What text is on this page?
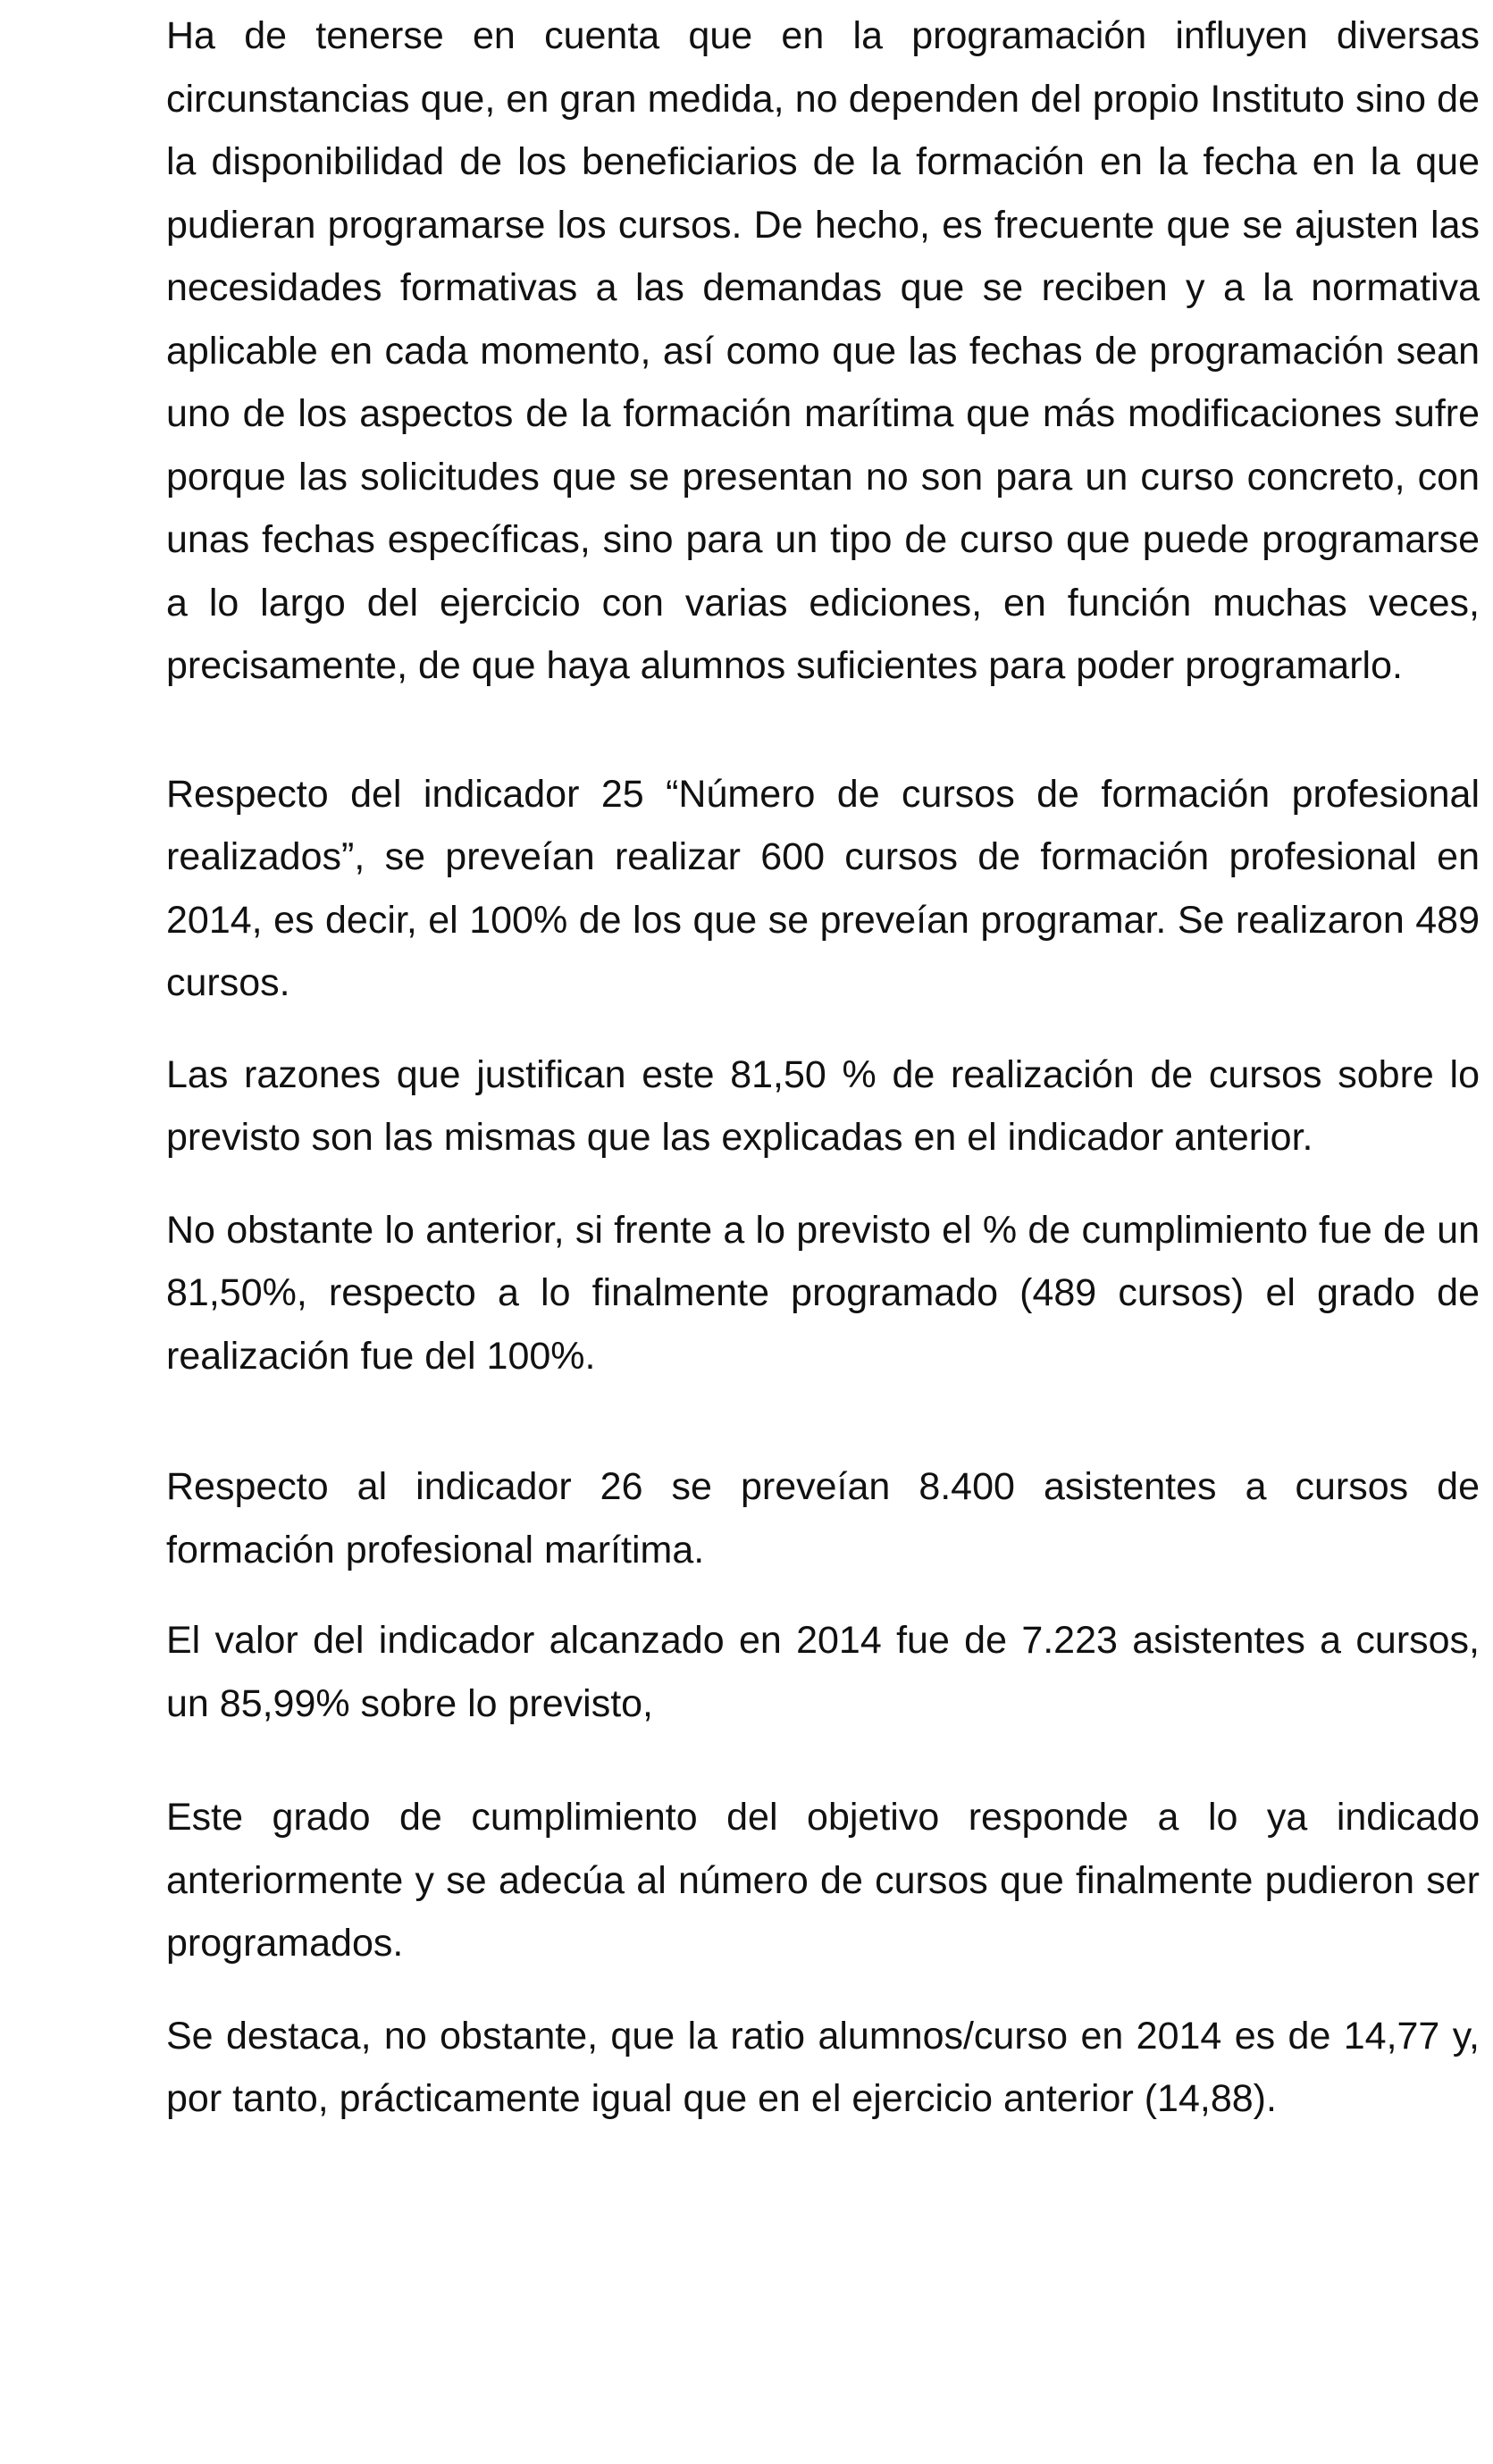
Ha de tenerse en cuenta que en la programación influyen diversas circunstancias que, en gran medida, no dependen del propio Instituto sino de la disponibilidad de los beneficiarios de la formación en la fecha en la que pudieran programarse los cursos. De hecho, es frecuente que se ajusten las necesidades formativas a las demandas que se reciben y a la normativa aplicable en cada momento, así como que las fechas de programación sean uno de los aspectos de la formación marítima que más modificaciones sufre porque las solicitudes que se presentan no son para un curso concreto, con unas fechas específicas, sino para un tipo de curso que puede programarse a lo largo del ejercicio con varias ediciones, en función muchas veces, precisamente, de que haya alumnos suficientes para poder programarlo.

Respecto del indicador 25 “Número de cursos de formación profesional realizados”, se preveían realizar 600 cursos de formación profesional en 2014, es decir, el 100% de los que se preveían programar. Se realizaron 489 cursos.

Las razones que justifican este 81,50 % de realización de cursos sobre lo previsto son las mismas que las explicadas en el indicador anterior.

No obstante lo anterior, si frente a lo previsto el % de cumplimiento fue de un 81,50%, respecto a lo finalmente programado (489 cursos) el grado de realización fue del 100%.

Respecto al indicador 26 se preveían 8.400 asistentes a cursos de formación profesional marítima.

El valor del indicador alcanzado en 2014 fue de 7.223 asistentes a cursos, un 85,99% sobre lo previsto,

Este grado de cumplimiento del objetivo responde a lo ya indicado anteriormente y se adecúa al número de cursos que finalmente pudieron ser programados.

Se destaca, no obstante, que la ratio alumnos/curso en 2014 es de 14,77 y, por tanto, prácticamente igual que en el ejercicio anterior (14,88).
